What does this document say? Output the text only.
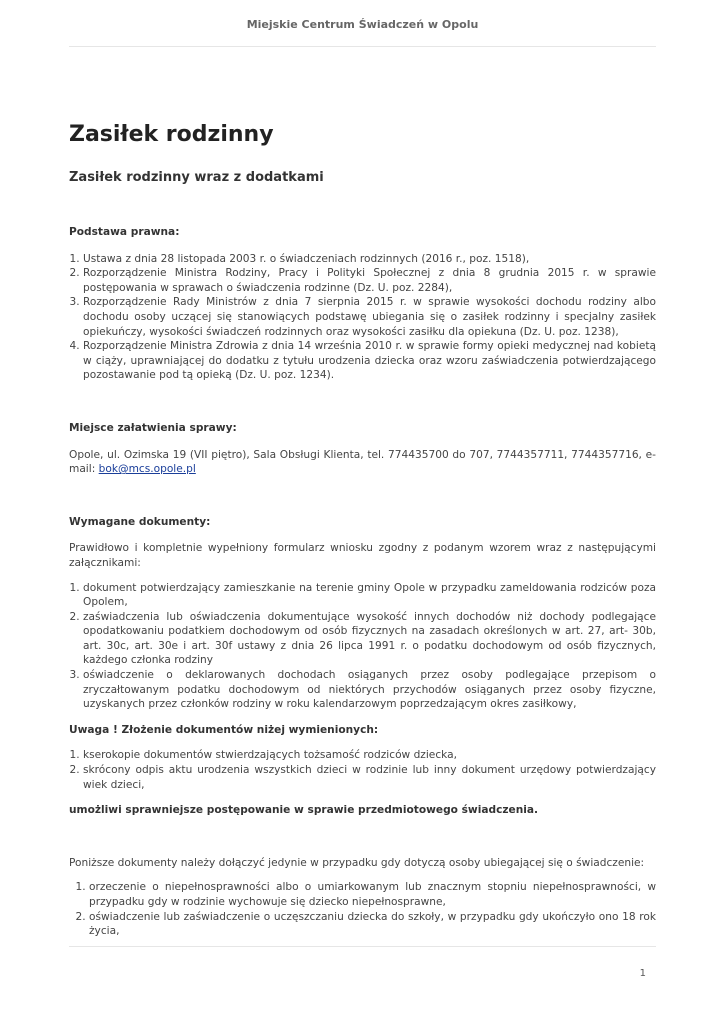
Miejskie Centrum Świadczeń w Opolu
Zasiłek rodzinny
Zasiłek rodzinny wraz z dodatkami
Podstawa prawna:
1. Ustawa z dnia 28 listopada 2003 r. o świadczeniach rodzinnych (2016 r., poz. 1518),
2. Rozporządzenie Ministra Rodziny, Pracy i Polityki Społecznej z dnia 8 grudnia 2015 r. w sprawie postępowania w sprawach o świadczenia rodzinne (Dz. U. poz. 2284),
3. Rozporządzenie Rady Ministrów z dnia 7 sierpnia 2015 r. w sprawie wysokości dochodu rodziny albo dochodu osoby uczącej się stanowiących podstawę ubiegania się o zasiłek rodzinny i specjalny zasiłek opiekuńczy, wysokości świadczeń rodzinnych oraz wysokości zasiłku dla opiekuna (Dz. U. poz. 1238),
4. Rozporządzenie Ministra Zdrowia z dnia 14 września 2010 r. w sprawie formy opieki medycznej nad kobietą w ciąży, uprawniającej do dodatku z tytułu urodzenia dziecka oraz wzoru zaświadczenia potwierdzającego pozostawanie pod tą opieką (Dz. U. poz. 1234).
Miejsce załatwienia sprawy:

Opole, ul. Ozimska 19 (VII piętro), Sala Obsługi Klienta, tel. 774435700 do 707, 7744357711, 7744357716, e-mail: bok@mcs.opole.pl

Wymagane dokumenty:

Prawidłowo i kompletnie wypełniony formularz wniosku zgodny z podanym wzorem wraz z następującymi załącznikami:

1. dokument potwierdzający zamieszkanie na terenie gminy Opole w przypadku zameldowania rodziców poza Opolem,
2. zaświadczenia lub oświadczenia dokumentujące wysokość innych dochodów niż dochody podlegające opodatkowaniu podatkiem dochodowym od osób fizycznych na zasadach określonych w art. 27, art- 30b, art. 30c, art. 30e i art. 30f ustawy z dnia 26 lipca 1991 r. o podatku dochodowym od osób fizycznych, każdego członka rodziny
3. oświadczenie o deklarowanych dochodach osiąganych przez osoby podlegające przepisom o zryczałtowanym podatku dochodowym od niektórych przychodów osiąganych przez osoby fizyczne, uzyskanych przez członków rodziny w roku kalendarzowym poprzedzającym okres zasiłkowy,
Uwaga ! Złożenie dokumentów niżej wymienionych:
1. kserokopie dokumentów stwierdzających tożsamość rodziców dziecka,
2. skrócony odpis aktu urodzenia wszystkich dzieci w rodzinie lub inny dokument urzędowy potwierdzający wiek dzieci,

umożliwi sprawniejsze postępowanie w sprawie przedmiotowego świadczenia.

Poniższe dokumenty należy dołączyć jedynie w przypadku gdy dotyczą osoby ubiegającej się o świadczenie:

1. orzeczenie o niepełnosprawności albo o umiarkowanym lub znacznym stopniu niepełnosprawności, w przypadku gdy w rodzinie wychowuje się dziecko niepełnosprawne,
2. oświadczenie lub zaświadczenie o uczęszczaniu dziecka do szkoły, w przypadku gdy ukończyło ono 18 rok życia,
1
